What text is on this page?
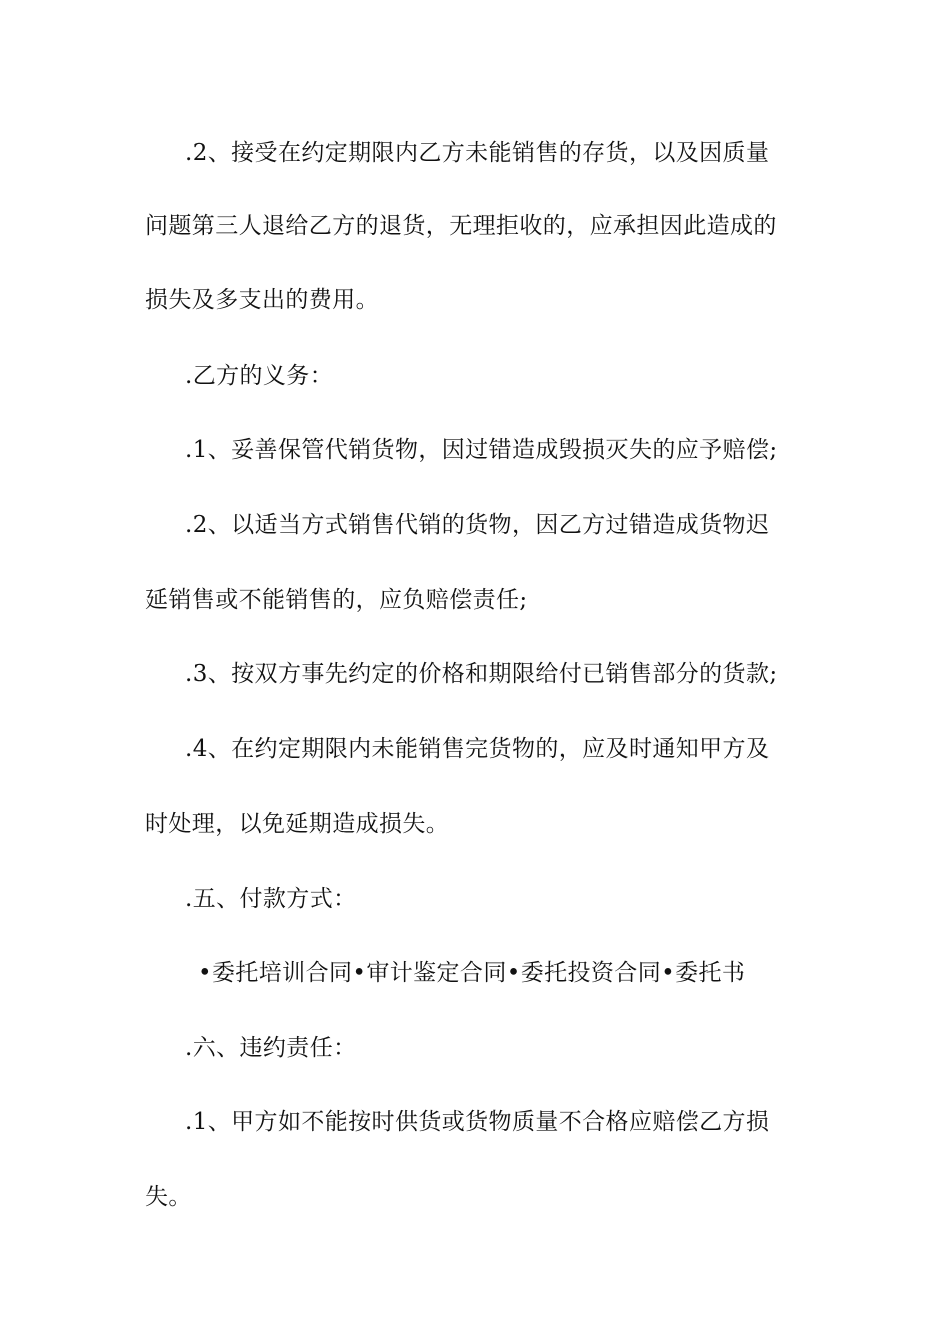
.2、接受在约定期限内乙方未能销售的存货，以及因质量
问题第三人退给乙方的退货，无理拒收的，应承担因此造成的
损失及多支出的费用。
.乙方的义务：
.1、妥善保管代销货物，因过错造成毁损灭失的应予赔偿;
.2、以适当方式销售代销的货物，因乙方过错造成货物迟
延销售或不能销售的，应负赔偿责任;
.3、按双方事先约定的价格和期限给付已销售部分的货款;
.4、在约定期限内未能销售完货物的，应及时通知甲方及
时处理，以免延期造成损失。
.五、付款方式：
•委托培训合同•审计鉴定合同•委托投资合同•委托书
.六、违约责任：
.1、甲方如不能按时供货或货物质量不合格应赔偿乙方损
失。
